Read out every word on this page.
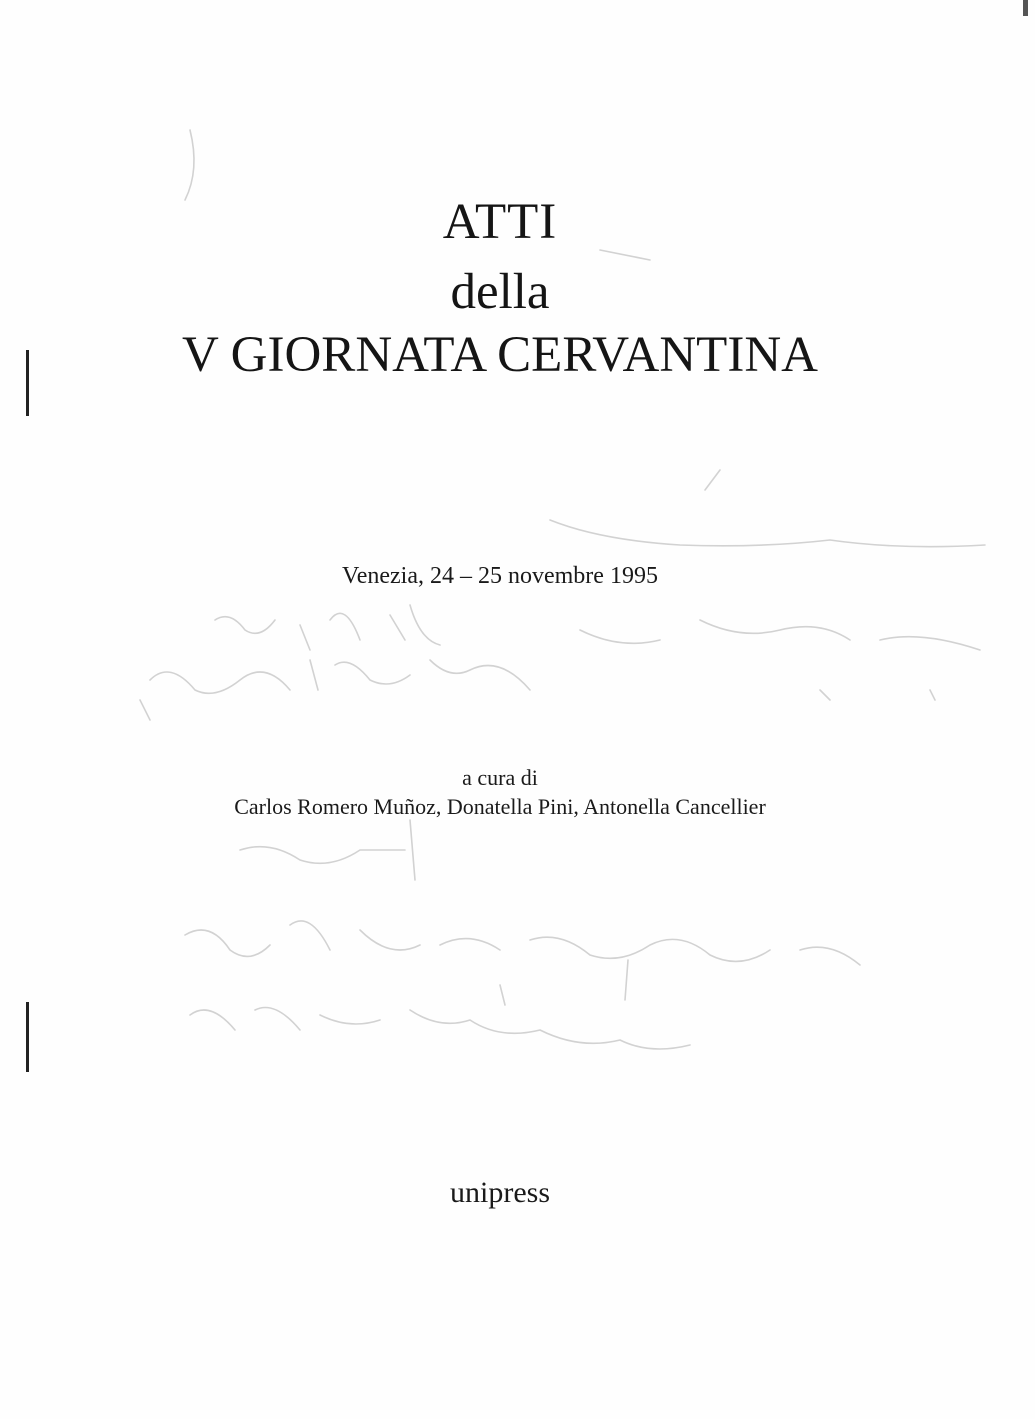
ATTI
della
V GIORNATA CERVANTINA
Venezia, 24 – 25 novembre 1995
a cura di
Carlos Romero Muñoz, Donatella Pini, Antonella Cancellier
unipress
